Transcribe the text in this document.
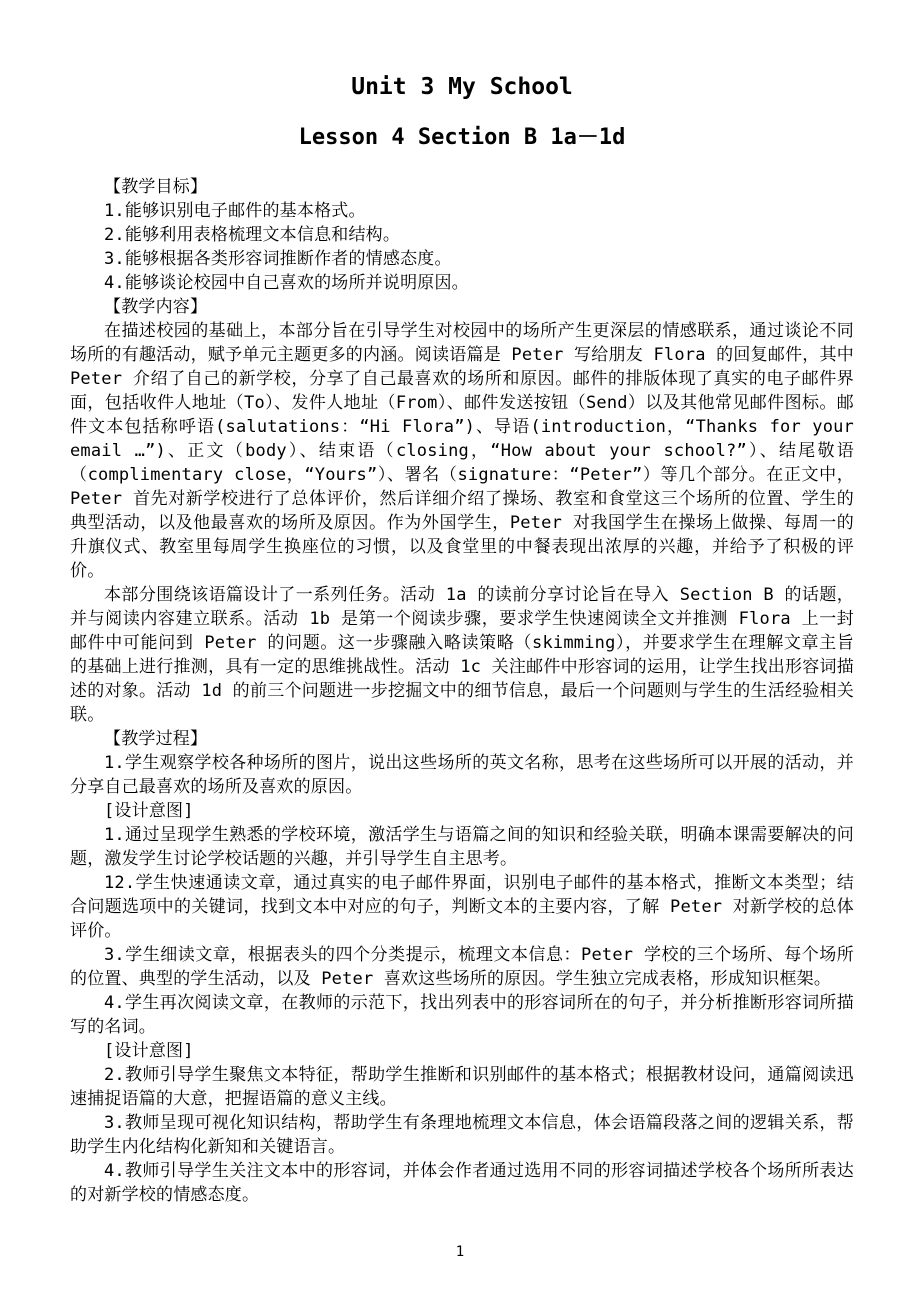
Unit 3 My School
Lesson 4 Section B 1a－1d

【教学目标】

1.能够识别电子邮件的基本格式。

2.能够利用表格梳理文本信息和结构。

3.能够根据各类形容词推断作者的情感态度。

4.能够谈论校园中自己喜欢的场所并说明原因。

【教学内容】

在描述校园的基础上，本部分旨在引导学生对校园中的场所产生更深层的情感联系，通过谈论不同场所的有趣活动，赋予单元主题更多的内涵。阅读语篇是 Peter 写给朋友 Flora 的回复邮件，其中 Peter 介绍了自己的新学校，分享了自己最喜欢的场所和原因。邮件的排版体现了真实的电子邮件界面，包括收件人地址（To）、发件人地址（From）、邮件发送按钮（Send）以及其他常见邮件图标。邮件文本包括称呼语(salutations：“Hi Flora”)、导语(introduction，“Thanks for your email …”)、正文（body）、结束语（closing，“How about your school?”）、结尾敬语（complimentary close，“Yours”）、署名（signature：“Peter”）等几个部分。在正文中，Peter 首先对新学校进行了总体评价，然后详细介绍了操场、教室和食堂这三个场所的位置、学生的典型活动，以及他最喜欢的场所及原因。作为外国学生，Peter 对我国学生在操场上做操、每周一的升旗仪式、教室里每周学生换座位的习惯，以及食堂里的中餐表现出浓厚的兴趣，并给予了积极的评价。

本部分围绕该语篇设计了一系列任务。活动 1a 的读前分享讨论旨在导入 Section B 的话题，并与阅读内容建立联系。活动 1b 是第一个阅读步骤，要求学生快速阅读全文并推测 Flora 上一封邮件中可能问到 Peter 的问题。这一步骤融入略读策略（skimming），并要求学生在理解文章主旨的基础上进行推测，具有一定的思维挑战性。活动 1c 关注邮件中形容词的运用，让学生找出形容词描述的对象。活动 1d 的前三个问题进一步挖掘文中的细节信息，最后一个问题则与学生的生活经验相关联。

【教学过程】

1.学生观察学校各种场所的图片，说出这些场所的英文名称，思考在这些场所可以开展的活动，并分享自己最喜欢的场所及喜欢的原因。

[设计意图]

1.通过呈现学生熟悉的学校环境，激活学生与语篇之间的知识和经验关联，明确本课需要解决的问题，激发学生讨论学校话题的兴趣，并引导学生自主思考。

12.学生快速通读文章，通过真实的电子邮件界面，识别电子邮件的基本格式，推断文本类型；结合问题选项中的关键词，找到文本中对应的句子，判断文本的主要内容，了解 Peter 对新学校的总体评价。

3.学生细读文章，根据表头的四个分类提示，梳理文本信息：Peter 学校的三个场所、每个场所的位置、典型的学生活动，以及 Peter 喜欢这些场所的原因。学生独立完成表格，形成知识框架。

4.学生再次阅读文章，在教师的示范下，找出列表中的形容词所在的句子，并分析推断形容词所描写的名词。

[设计意图]

2.教师引导学生聚焦文本特征，帮助学生推断和识别邮件的基本格式；根据教材设问，通篇阅读迅速捕捉语篇的大意，把握语篇的意义主线。

3.教师呈现可视化知识结构，帮助学生有条理地梳理文本信息，体会语篇段落之间的逻辑关系，帮助学生内化结构化新知和关键语言。

4.教师引导学生关注文本中的形容词，并体会作者通过选用不同的形容词描述学校各个场所所表达的对新学校的情感态度。

1
